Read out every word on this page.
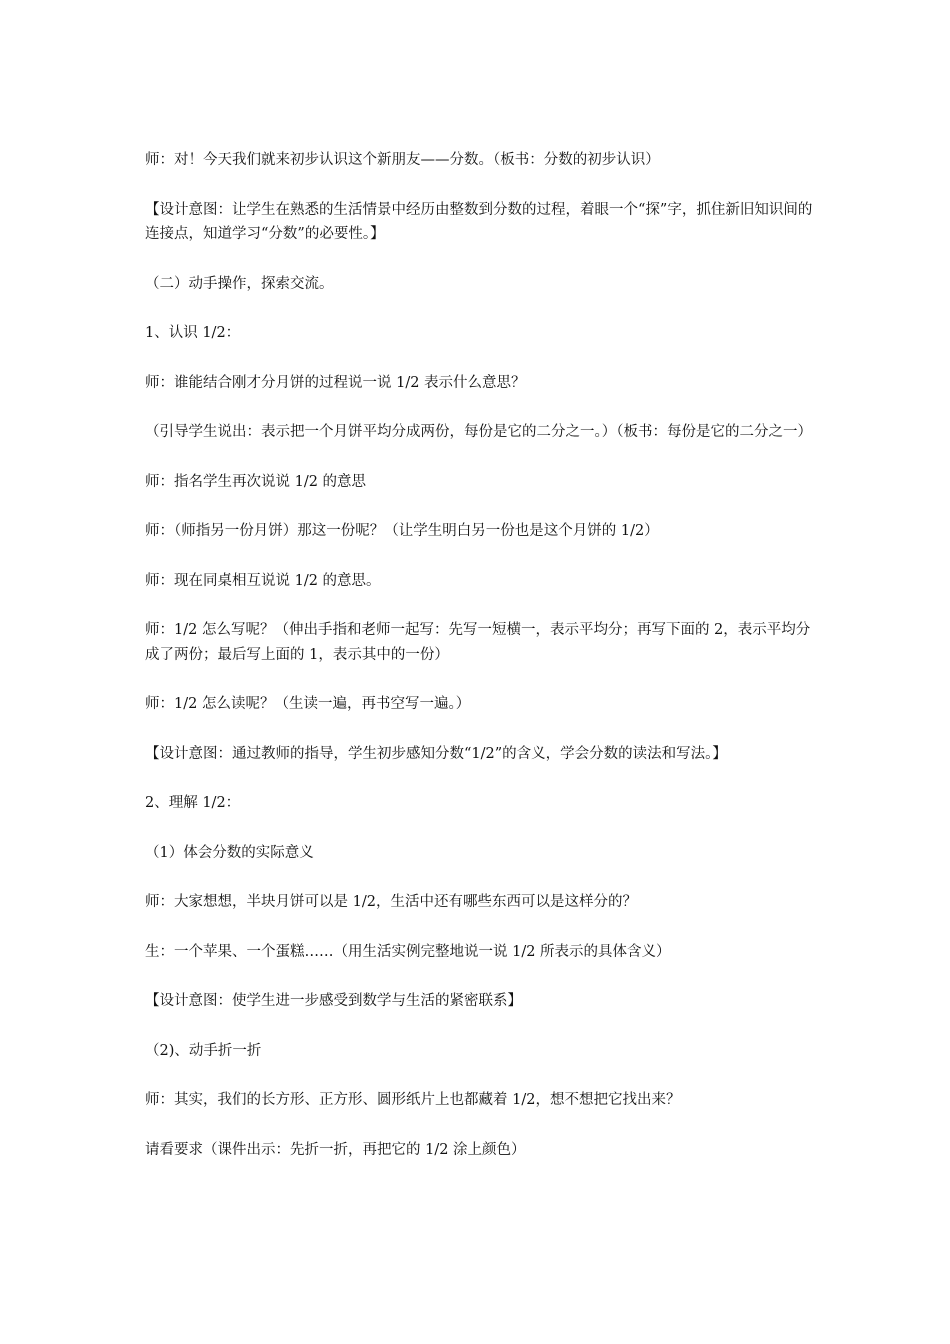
师：对！今天我们就来初步认识这个新朋友——分数。（板书：分数的初步认识）

【设计意图：让学生在熟悉的生活情景中经历由整数到分数的过程，着眼一个“探”字，抓住新旧知识间的连接点，知道学习“分数”的必要性。】

（二）动手操作，探索交流。

1、认识 1/2：

师：谁能结合刚才分月饼的过程说一说 1/2 表示什么意思？

（引导学生说出：表示把一个月饼平均分成两份，每份是它的二分之一。）（板书：每份是它的二分之一）

师：指名学生再次说说 1/2 的意思

师：（师指另一份月饼）那这一份呢？（让学生明白另一份也是这个月饼的 1/2）

师：现在同桌相互说说 1/2 的意思。

师：1/2 怎么写呢？（伸出手指和老师一起写：先写一短横一，表示平均分；再写下面的 2，表示平均分成了两份；最后写上面的 1，表示其中的一份）

师：1/2 怎么读呢？（生读一遍，再书空写一遍。）

【设计意图：通过教师的指导，学生初步感知分数“1/2”的含义，学会分数的读法和写法。】

2、理解 1/2：

（1）体会分数的实际意义

师：大家想想，半块月饼可以是 1/2，生活中还有哪些东西可以是这样分的？

生：一个苹果、一个蛋糕……（用生活实例完整地说一说 1/2 所表示的具体含义）

【设计意图：使学生进一步感受到数学与生活的紧密联系】

（2)、动手折一折

师：其实，我们的长方形、正方形、圆形纸片上也都藏着 1/2，想不想把它找出来？

请看要求（课件出示：先折一折，再把它的 1/2 涂上颜色）
